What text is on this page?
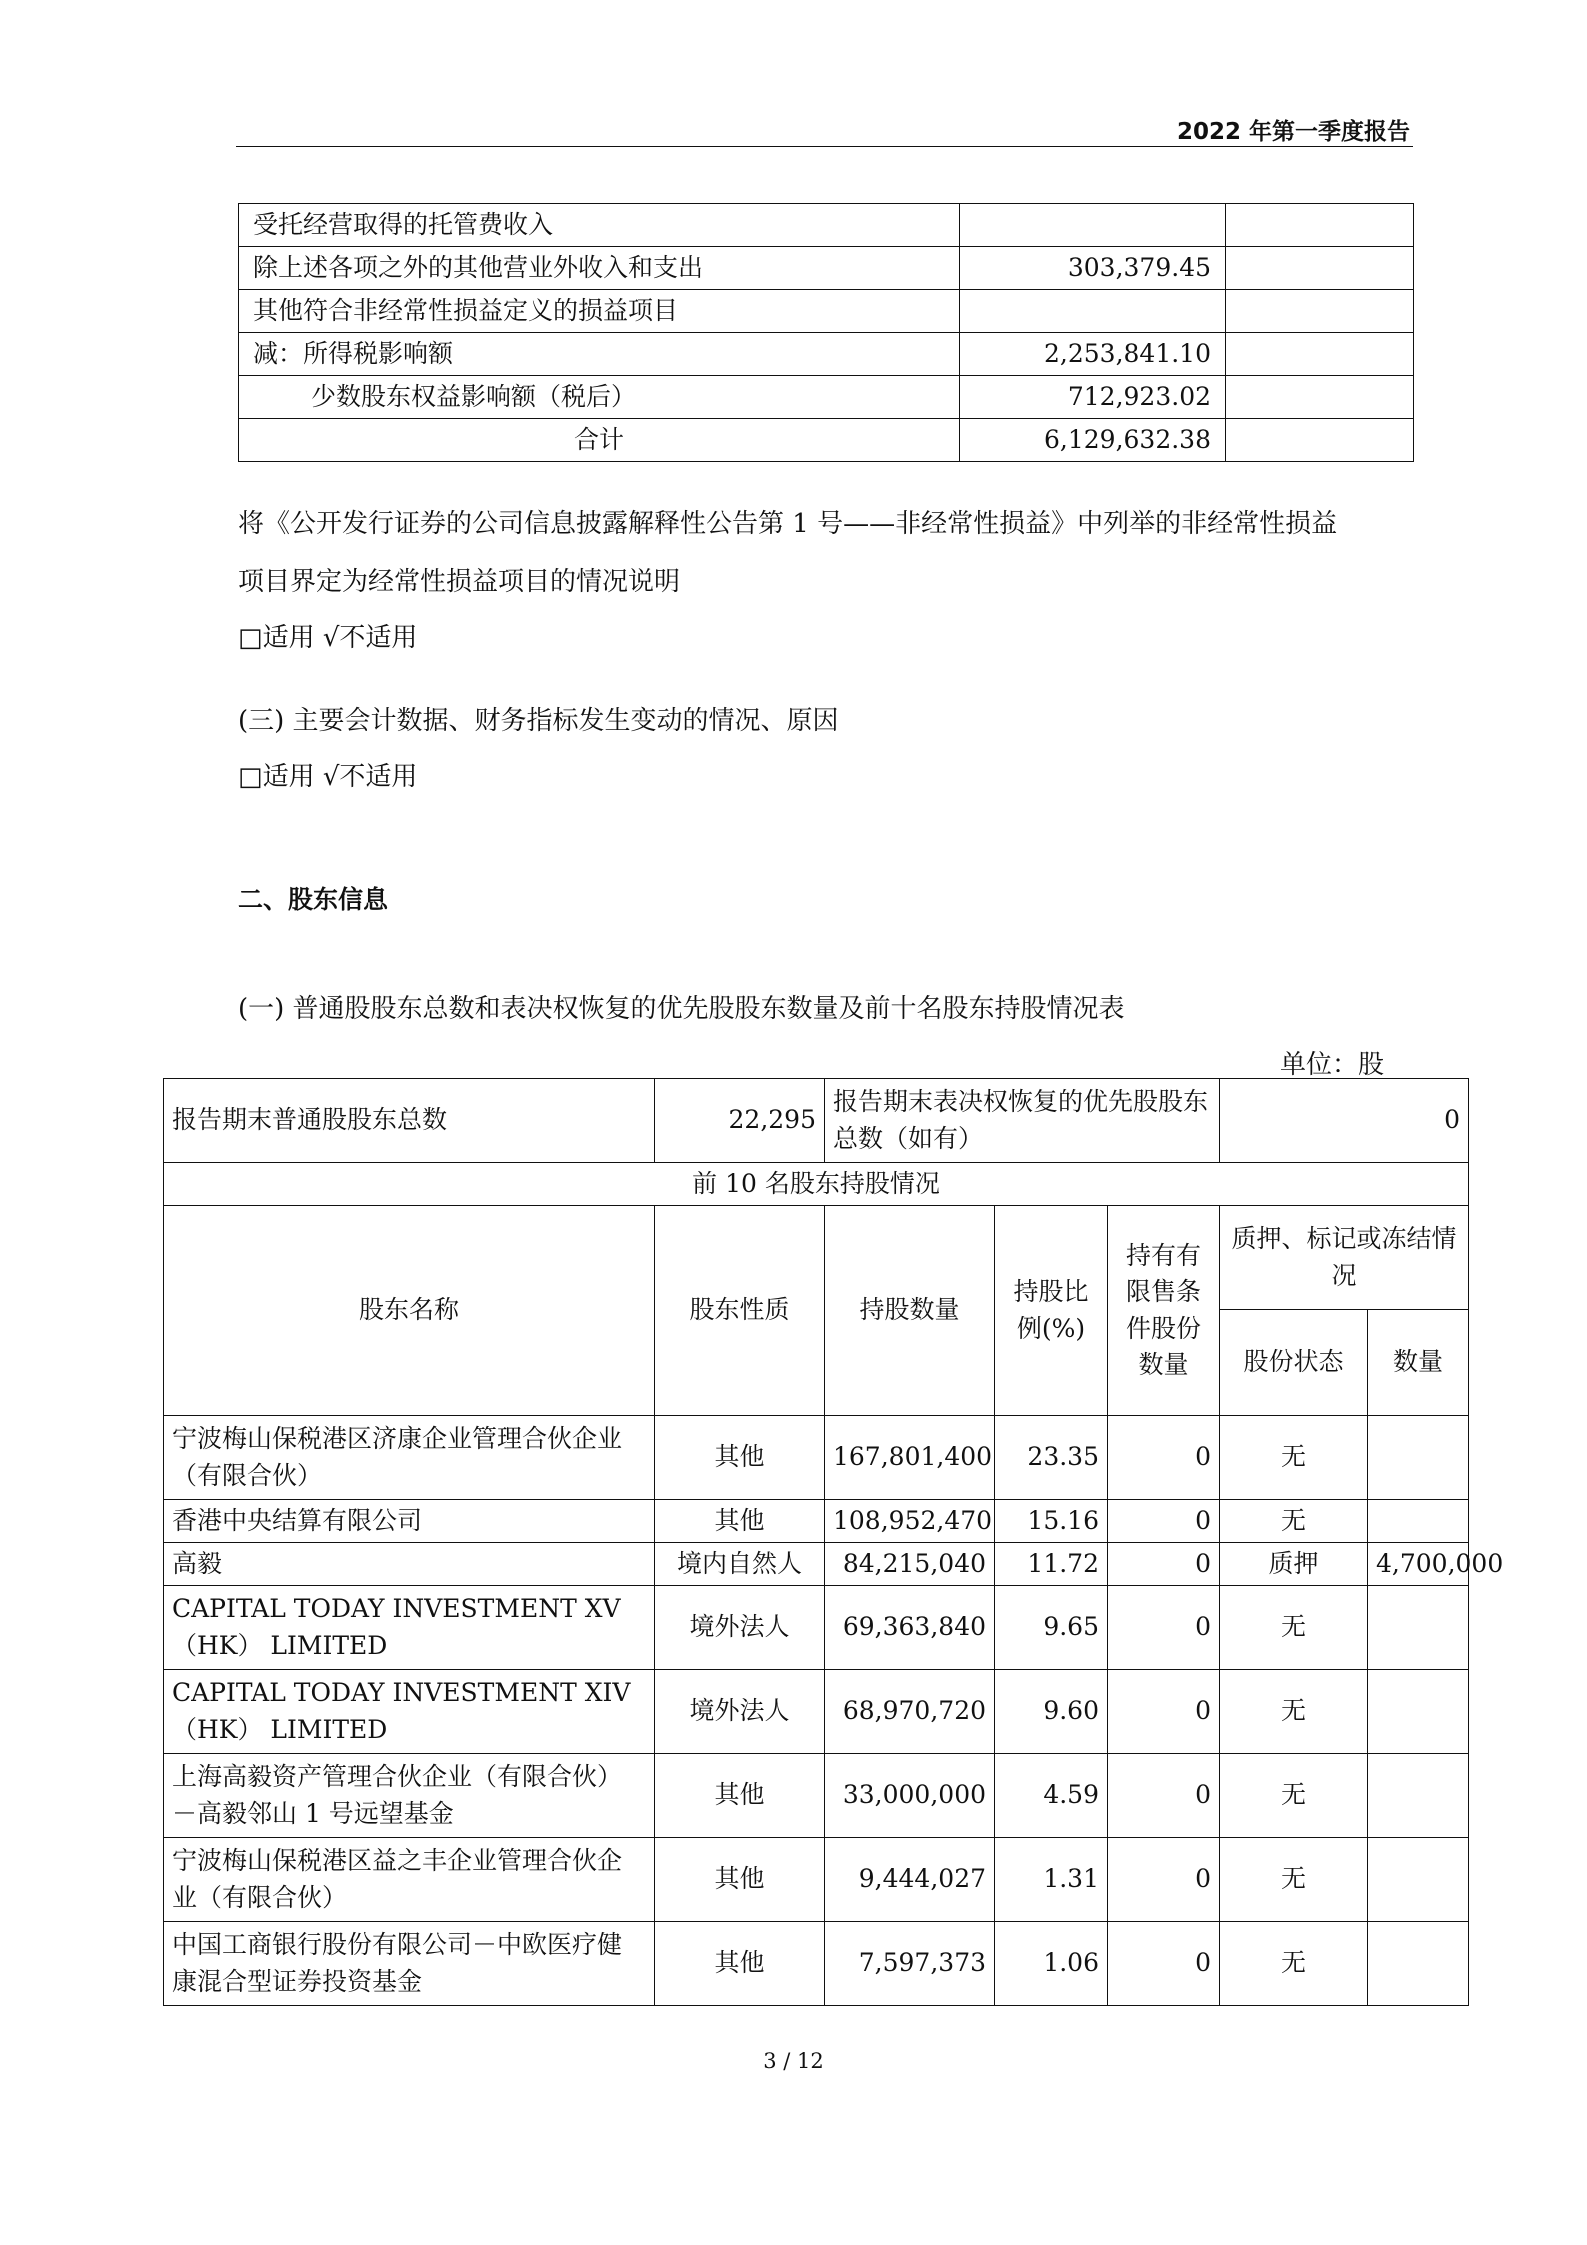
2022 年第一季度报告
受托经营取得的托管费收入		
除上述各项之外的其他营业外收入和支出	303,379.45	
其他符合非经常性损益定义的损益项目		
减：所得税影响额	2,253,841.10	
少数股东权益影响额（税后）	712,923.02	
合计	6,129,632.38	
将《公开发行证券的公司信息披露解释性公告第 1 号——非经常性损益》中列举的非经常性损益
项目界定为经常性损益项目的情况说明
□适用 √不适用
(三) 主要会计数据、财务指标发生变动的情况、原因
□适用 √不适用
二、股东信息
(一) 普通股股东总数和表决权恢复的优先股股东数量及前十名股东持股情况表
单位：股
报告期末普通股股东总数	22,295	报告期末表决权恢复的优先股股东总数（如有）			0	
前 10 名股东持股情况						
股东名称	股东性质	持股数量	持股比例(%)	持有有限售条件股份数量	质押、标记或冻结情况	
					股份状态	数量
宁波梅山保税港区济康企业管理合伙企业（有限合伙）	其他	167,801,400	23.35	0	无	
香港中央结算有限公司	其他	108,952,470	15.16	0	无	
高毅	境内自然人	84,215,040	11.72	0	质押	4,700,000
CAPITAL TODAY INVESTMENT XV （HK） LIMITED	境外法人	69,363,840	9.65	0	无	
CAPITAL TODAY INVESTMENT XIV （HK） LIMITED	境外法人	68,970,720	9.60	0	无	
上海高毅资产管理合伙企业（有限合伙）－高毅邻山 1 号远望基金	其他	33,000,000	4.59	0	无	
宁波梅山保税港区益之丰企业管理合伙企业（有限合伙）	其他	9,444,027	1.31	0	无	
中国工商银行股份有限公司－中欧医疗健康混合型证券投资基金	其他	7,597,373	1.06	0	无	
3 / 12
